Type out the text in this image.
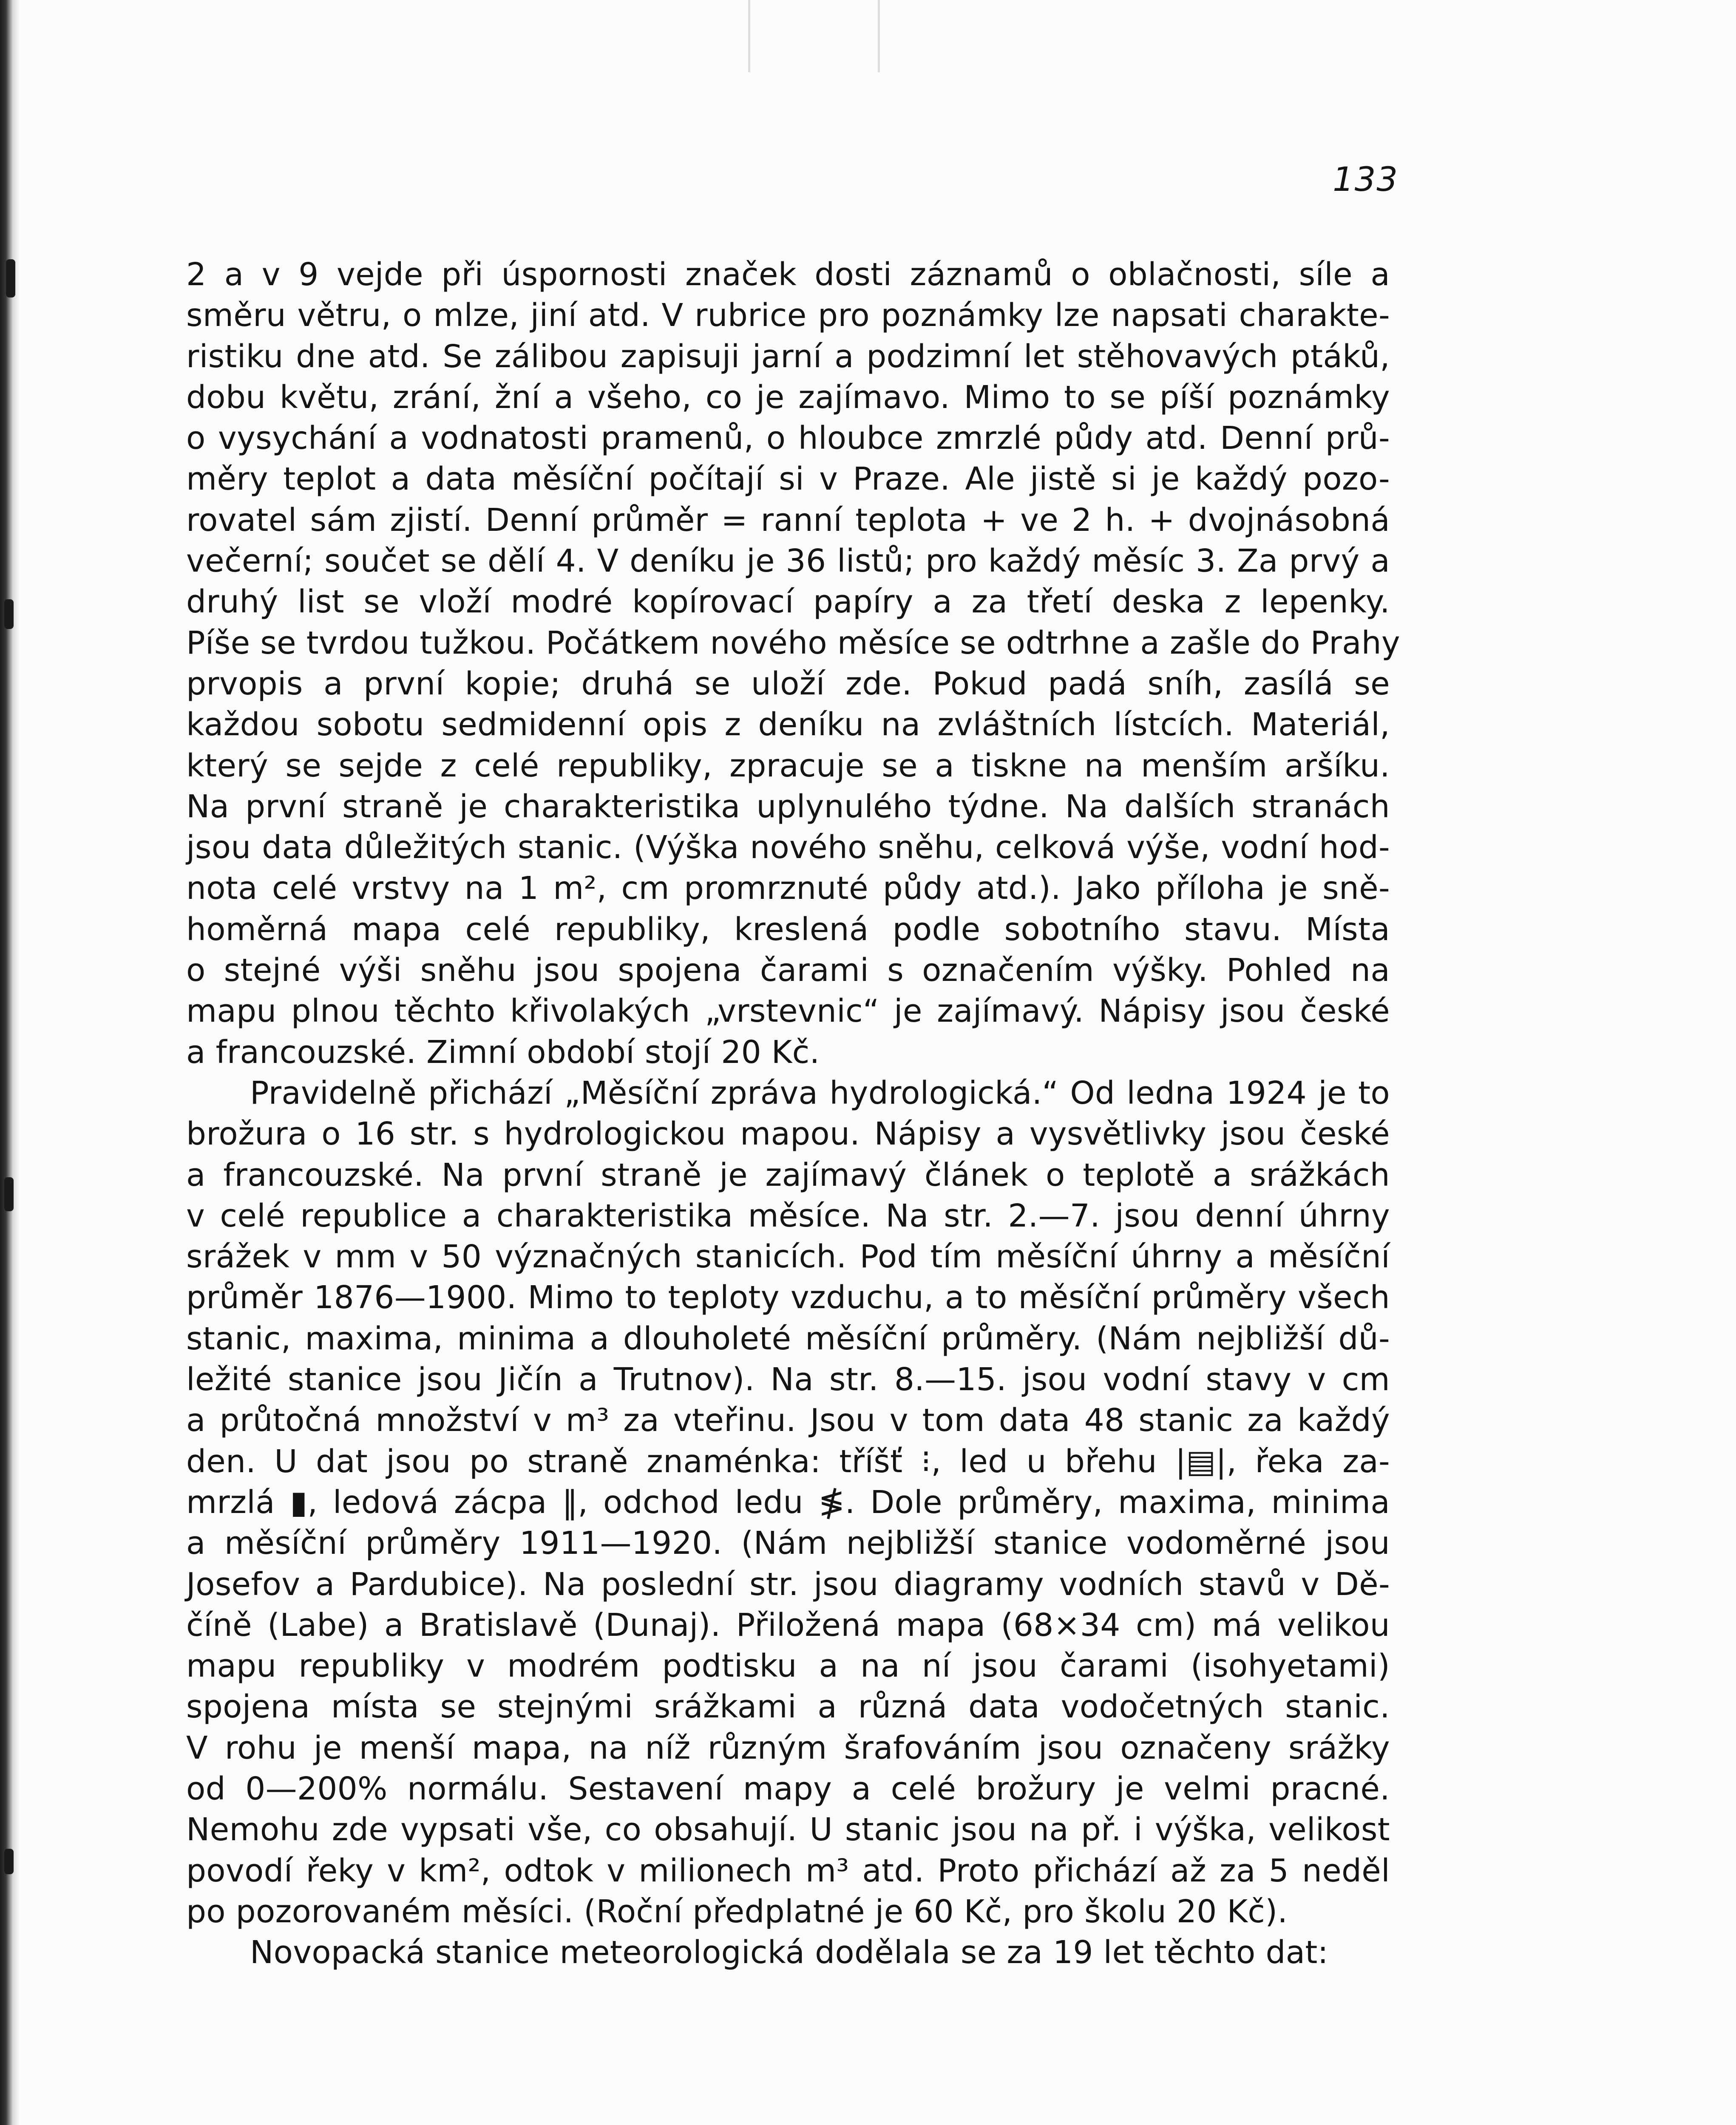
133
2 a v 9 vejde při úspornosti značek dosti záznamů o oblačnosti, síle a
směru větru, o mlze, jiní atd. V rubrice pro poznámky lze napsati charakte-
ristiku dne atd. Se zálibou zapisuji jarní a podzimní let stěhovavých ptáků,
dobu květu, zrání, žní a všeho, co je zajímavo. Mimo to se píší poznámky
o vysychání a vodnatosti pramenů, o hloubce zmrzlé půdy atd. Denní prů-
měry teplot a data měsíční počítají si v Praze. Ale jistě si je každý pozo-
rovatel sám zjistí. Denní průměr = ranní teplota + ve 2 h. + dvojnásobná
večerní; součet se dělí 4. V deníku je 36 listů; pro každý měsíc 3. Za prvý a
druhý list se vloží modré kopírovací papíry a za třetí deska z lepenky.
Píše se tvrdou tužkou. Počátkem nového měsíce se odtrhne a zašle do Prahy
prvopis a první kopie; druhá se uloží zde. Pokud padá sníh, zasílá se
každou sobotu sedmidenní opis z deníku na zvláštních lístcích. Materiál,
který se sejde z celé republiky, zpracuje se a tiskne na menším aršíku.
Na první straně je charakteristika uplynulého týdne. Na dalších stranách
jsou data důležitých stanic. (Výška nového sněhu, celková výše, vodní hod-
nota celé vrstvy na 1 m², cm promrznuté půdy atd.). Jako příloha je sně-
homěrná mapa celé republiky, kreslená podle sobotního stavu. Místa
o stejné výši sněhu jsou spojena čarami s označením výšky. Pohled na
mapu plnou těchto křivolakých „vrstevnic“ je zajímavý. Nápisy jsou české
a francouzské. Zimní období stojí 20 Kč.
Pravidelně přichází „Měsíční zpráva hydrologická.“ Od ledna 1924 je to
brožura o 16 str. s hydrologickou mapou. Nápisy a vysvětlivky jsou české
a francouzské. Na první straně je zajímavý článek o teplotě a srážkách
v celé republice a charakteristika měsíce. Na str. 2.—7. jsou denní úhrny
srážek v mm v 50 význačných stanicích. Pod tím měsíční úhrny a měsíční
průměr 1876—1900. Mimo to teploty vzduchu, a to měsíční průměry všech
stanic, maxima, minima a dlouholeté měsíční průměry. (Nám nejbližší dů-
ležité stanice jsou Jičín a Trutnov). Na str. 8.—15. jsou vodní stavy v cm
a průtočná množství v m³ za vteřinu. Jsou v tom data 48 stanic za každý
den. U dat jsou po straně znaménka: tříšť ⁝, led u břehu |▤|, řeka za-
mrzlá ▮, ledová zácpa ‖, odchod ledu ≸. Dole průměry, maxima, minima
a měsíční průměry 1911—1920. (Nám nejbližší stanice vodoměrné jsou
Josefov a Pardubice). Na poslední str. jsou diagramy vodních stavů v Dě-
číně (Labe) a Bratislavě (Dunaj). Přiložená mapa (68×34 cm) má velikou
mapu republiky v modrém podtisku a na ní jsou čarami (isohyetami)
spojena místa se stejnými srážkami a různá data vodočetných stanic.
V rohu je menší mapa, na níž různým šrafováním jsou označeny srážky
od 0—200% normálu. Sestavení mapy a celé brožury je velmi pracné.
Nemohu zde vypsati vše, co obsahují. U stanic jsou na př. i výška, velikost
povodí řeky v km², odtok v milionech m³ atd. Proto přichází až za 5 neděl
po pozorovaném měsíci. (Roční předplatné je 60 Kč, pro školu 20 Kč).
Novopacká stanice meteorologická dodělala se za 19 let těchto dat:
